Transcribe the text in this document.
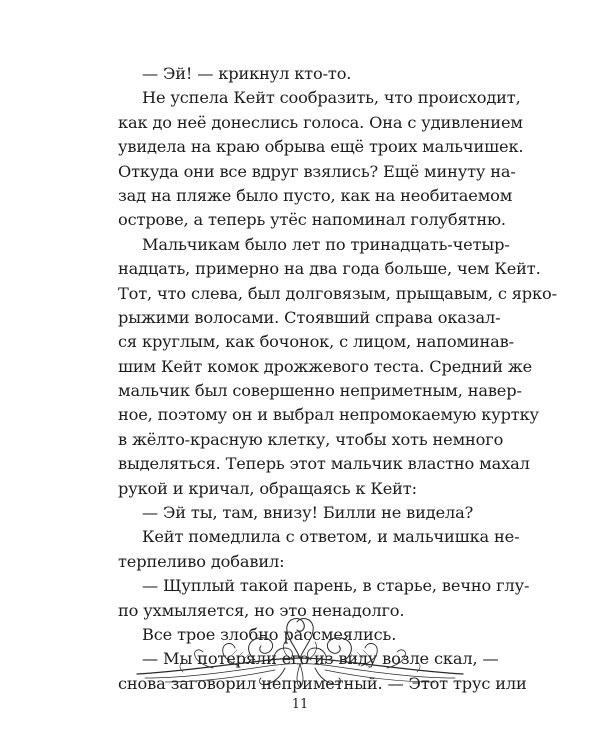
— Эй! — крикнул кто-то.
Не успела Кейт сообразить, что происходит,
как до неё донеслись голоса. Она с удивлением
увидела на краю обрыва ещё троих мальчишек.
Откуда они все вдруг взялись? Ещё минуту на-
зад на пляже было пусто, как на необитаемом
острове, а теперь утёс напоминал голубятню.
Мальчикам было лет по тринадцать-четыр-
надцать, примерно на два года больше, чем Кейт.
Тот, что слева, был долговязым, прыщавым, с ярко-
рыжими волосами. Стоявший справа оказал-
ся круглым, как бочонок, с лицом, напоминав-
шим Кейт комок дрожжевого теста. Средний же
мальчик был совершенно неприметным, навер-
ное, поэтому он и выбрал непромокаемую куртку
в жёлто-красную клетку, чтобы хоть немного
выделяться. Теперь этот мальчик властно махал
рукой и кричал, обращаясь к Кейт:
— Эй ты, там, внизу! Билли не видела?
Кейт помедлила с ответом, и мальчишка не-
терпеливо добавил:
— Щуплый такой парень, в старье, вечно глу-
по ухмыляется, но это ненадолго.
Все трое злобно рассмеялись.
— Мы потеряли его из виду возле скал, —
снова заговорил неприметный. — Этот трус или
11
